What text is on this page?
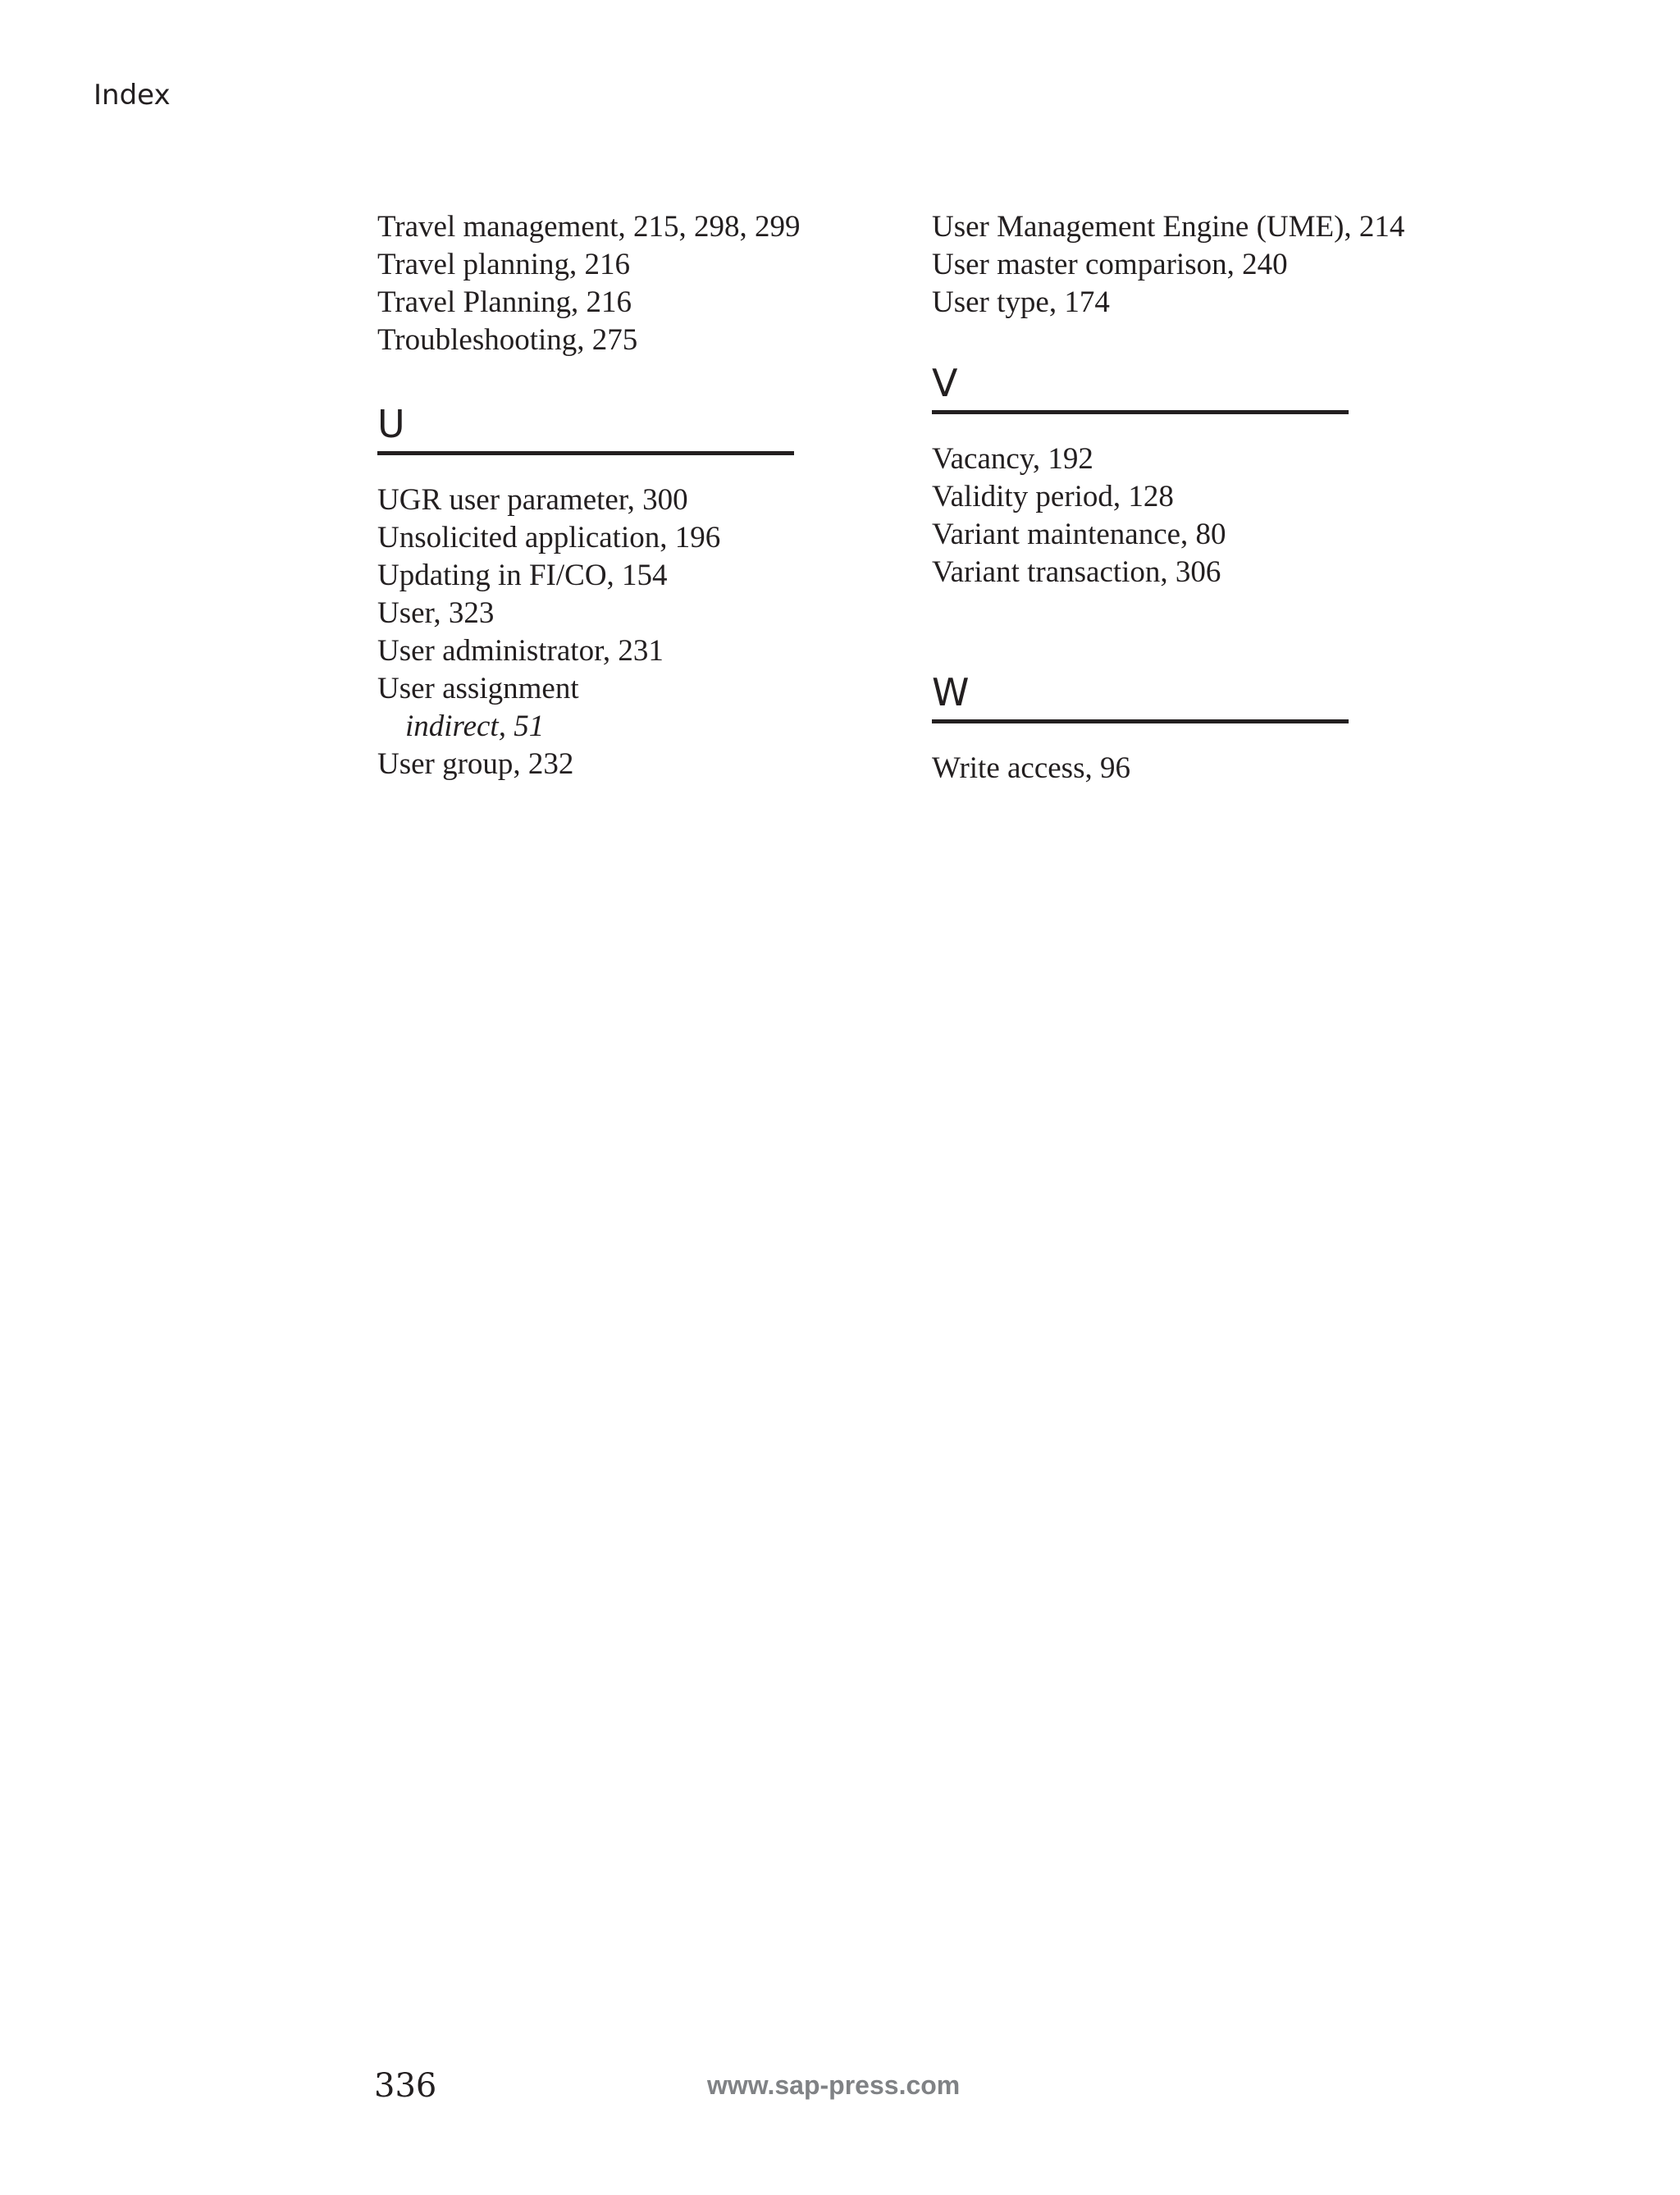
Index

Travel management, 215, 298, 299

Travel planning, 216

Travel Planning, 216

Troubleshooting, 275

U

UGR user parameter, 300

Unsolicited application, 196

Updating in FI/CO, 154

User, 323

User administrator, 231

User assignment

indirect, 51

User group, 232

User Management Engine (UME), 214

User master comparison, 240

User type, 174

V

Vacancy, 192

Validity period, 128

Variant maintenance, 80

Variant transaction, 306

W

Write access, 96

336	www.sap-press.com
